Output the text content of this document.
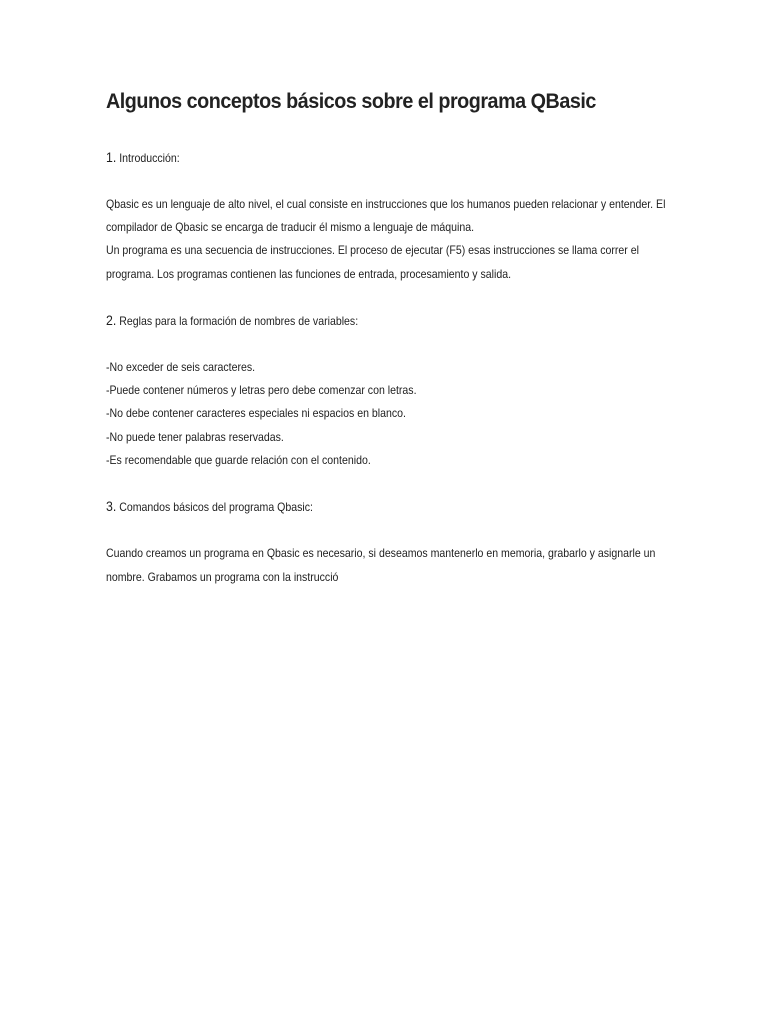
Algunos conceptos básicos sobre el programa QBasic

1. Introducción:

Qbasic es un lenguaje de alto nivel, el cual consiste en instrucciones que los humanos pueden relacionar y entender. El

compilador de Qbasic se encarga de traducir él mismo a lenguaje de máquina.

Un programa es una secuencia de instrucciones. El proceso de ejecutar (F5) esas instrucciones se llama correr el

programa. Los programas contienen las funciones de entrada, procesamiento y salida.

2. Reglas para la formación de nombres de variables:

-No exceder de seis caracteres.

-Puede contener números y letras pero debe comenzar con letras.

-No debe contener caracteres especiales ni espacios en blanco.

-No puede tener palabras reservadas.

-Es recomendable que guarde relación con el contenido.

3. Comandos básicos del programa Qbasic:

Cuando creamos un programa en Qbasic es necesario, si deseamos mantenerlo en memoria, grabarlo y asignarle un

nombre. Grabamos un programa con la instrucció
